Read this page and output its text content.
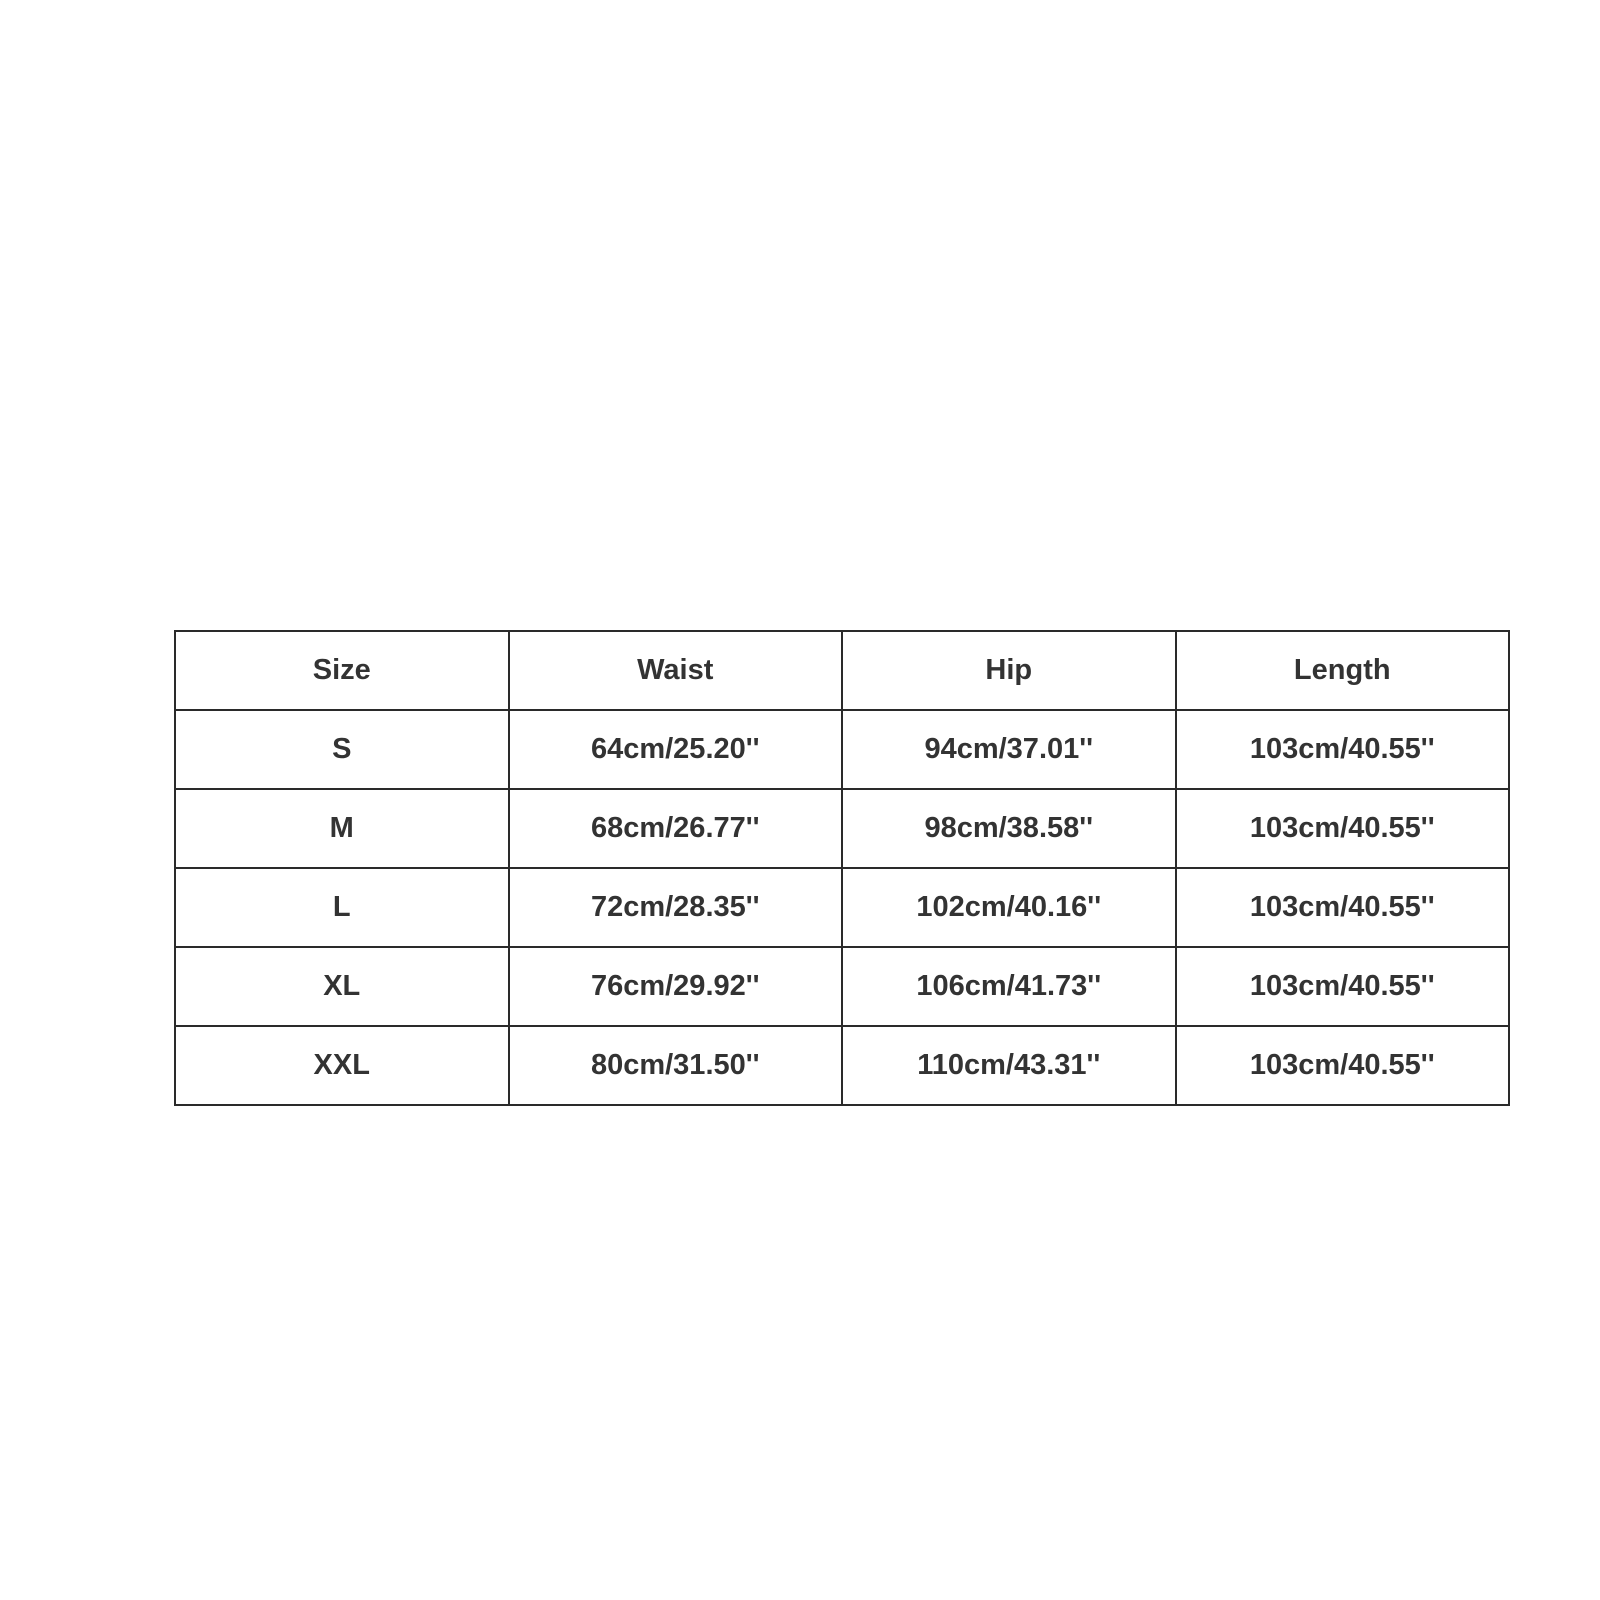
Size	Waist	Hip	Length
S	64cm/25.20''	94cm/37.01''	103cm/40.55''
M	68cm/26.77''	98cm/38.58''	103cm/40.55''
L	72cm/28.35''	102cm/40.16''	103cm/40.55''
XL	76cm/29.92''	106cm/41.73''	103cm/40.55''
XXL	80cm/31.50''	110cm/43.31''	103cm/40.55''
